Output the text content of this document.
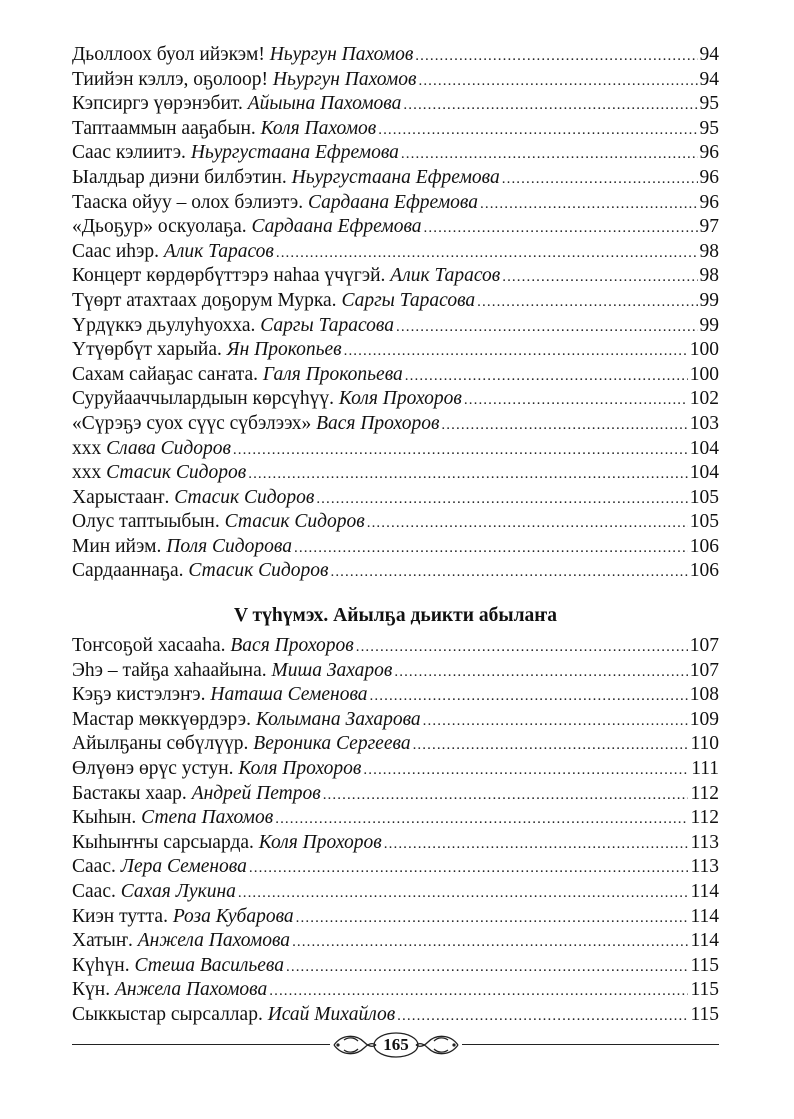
Дьоллоох буол ийэкэм! Ньургун Пахомов .....	94
Тиийэн кэллэ, оҕолоор! Ньургун Пахомов .....	94
Кэпсиргэ үөрэнэбит. Айыына Пахомова .....	95
Таптааммын ааҕабын. Коля Пахомов .....	95
Саас кэлиитэ. Ньургустаана Ефремова .....	96
Ыалдьар диэни билбэтин. Ньургустаана Ефремова .....	96
Тааска ойуу – олох бэлиэтэ. Сардаана Ефремова .....	96
«Дьоҕур» оскуолаҕа. Сардаана Ефремова .....	97
Саас иһэр. Алик Тарасов .....	98
Концерт көрдөрбүттэрэ наһаа үчүгэй. Алик Тарасов .....	98
Түөрт атахтаах доҕорум Мурка. Саргы Тарасова .....	99
Үрдүккэ дьулуһуохха. Саргы Тарасова .....	99
Үтүөрбүт харыйа. Ян Прокопьев .....	100
Сахам сайаҕас саҥата. Галя Прокопьева .....	100
Суруйааччылардыын көрсүһүү. Коля Прохоров .....	102
«Сүрэҕэ суох сүүс сүбэлээх» Вася Прохоров .....	103
ххх Слава Сидоров .....	104
ххх Стасик Сидоров .....	104
Харыстааҥ. Стасик Сидоров .....	105
Олус таптыыбын. Стасик Сидоров .....	105
Мин ийэм. Поля Сидорова .....	106
Сардааннаҕа. Стасик Сидоров .....	106
V түһүмэх. Айылҕа дьикти абылаҥа
Тоҥсоҕой хасааһа. Вася Прохоров .....	107
Эһэ – тайҕа хаһаайына. Миша Захаров .....	107
Кэҕэ кистэлэҥэ. Наташа Семенова .....	108
Мастар мөккүөрдэрэ. Колымана Захарова .....	109
Айылҕаны сөбүлүүр. Вероника Сергеева .....	110
Өлүөнэ өрүс устун. Коля Прохоров .....	111
Бастакы хаар. Андрей Петров .....	112
Кыһын. Степа Пахомов .....	112
Кыһыҥҥы сарсыарда. Коля Прохоров .....	113
Саас. Лера Семенова .....	113
Саас. Сахая Лукина .....	114
Киэн тутта. Роза Кубарова .....	114
Хатыҥ. Анжела Пахомова .....	114
Күһүн. Стеша Васильева .....	115
Күн. Анжела Пахомова .....	115
Сыккыстар сырсаллар. Исай Михайлов .....	115
165
